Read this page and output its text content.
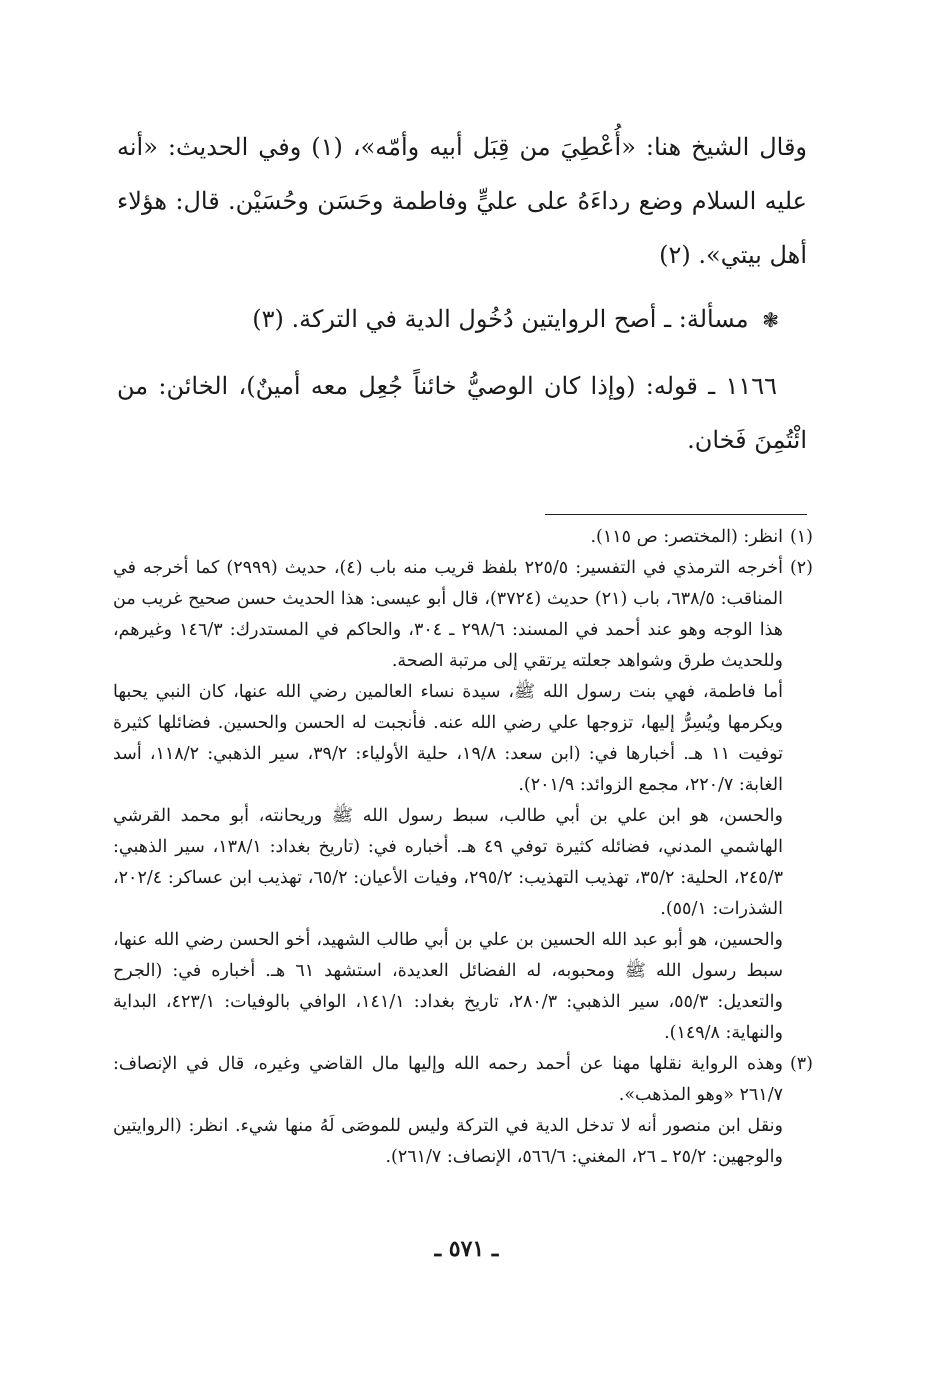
وقال الشيخ هنا: «أُعْطِيَ من قِبَل أبيه وأمّه»، (١) وفي الحديث: «أنه عليه السلام وضع رداءَهُ على عليٍّ وفاطمة وحَسَن وحُسَيْن. قال: هؤلاء أهل بيتي». (٢)

❃ مسألة: ـ أصح الروايتين دُخُول الدية في التركة. (٣)

١١٦٦ ـ قوله: (وإذا كان الوصيُّ خائناً جُعِل معه أمينٌ)، الخائن: من ائْتُمِنَ فَخان.

(١)

انظر: (المختصر: ص ١١٥).

(٢)

أخرجه الترمذي في التفسير: ٢٢٥/٥ بلفظ قريب منه باب (٤)، حديث (٢٩٩٩) كما أخرجه في المناقب: ٦٣٨/٥، باب (٢١) حديث (٣٧٢٤)، قال أبو عيسى: هذا الحديث حسن صحيح غريب من هذا الوجه وهو عند أحمد في المسند: ٢٩٨/٦ ـ ٣٠٤، والحاكم في المستدرك: ١٤٦/٣ وغيرهم، وللحديث طرق وشواهد جعلته يرتقي إلى مرتبة الصحة.

أما فاطمة، فهي بنت رسول الله ﷺ، سيدة نساء العالمين رضي الله عنها، كان النبي يحبها ويكرمها ويُسِرُّ إليها، تزوجها علي رضي الله عنه. فأنجبت له الحسن والحسين. فضائلها كثيرة توفيت ١١ هـ. أخبارها في: (ابن سعد: ١٩/٨، حلية الأولياء: ٣٩/٢، سير الذهبي: ١١٨/٢، أسد الغابة: ٢٢٠/٧، مجمع الزوائد: ٢٠١/٩).

والحسن، هو ابن علي بن أبي طالب، سبط رسول الله ﷺ وريحانته، أبو محمد القرشي الهاشمي المدني، فضائله كثيرة توفي ٤٩ هـ. أخباره في: (تاريخ بغداد: ١٣٨/١، سير الذهبي: ٢٤٥/٣، الحلية: ٣٥/٢، تهذيب التهذيب: ٢٩٥/٢، وفيات الأعيان: ٦٥/٢، تهذيب ابن عساكر: ٢٠٢/٤، الشذرات: ٥٥/١).

والحسين، هو أبو عبد الله الحسين بن علي بن أبي طالب الشهيد، أخو الحسن رضي الله عنها، سبط رسول الله ﷺ ومحبوبه، له الفضائل العديدة، استشهد ٦١ هـ. أخباره في: (الجرح والتعديل: ٥٥/٣، سير الذهبي: ٢٨٠/٣، تاريخ بغداد: ١٤١/١، الوافي بالوفيات: ٤٢٣/١، البداية والنهاية: ١٤٩/٨).

(٣)

وهذه الرواية نقلها مهنا عن أحمد رحمه الله وإليها مال القاضي وغيره، قال في الإنصاف: ٢٦١/٧ «وهو المذهب».

ونقل ابن منصور أنه لا تدخل الدية في التركة وليس للموصَى لَهُ منها شيء. انظر: (الروايتين والوجهين: ٢٥/٢ ـ ٢٦، المغني: ٥٦٦/٦، الإنصاف: ٢٦١/٧).

ـ ٥٧١ ـ
